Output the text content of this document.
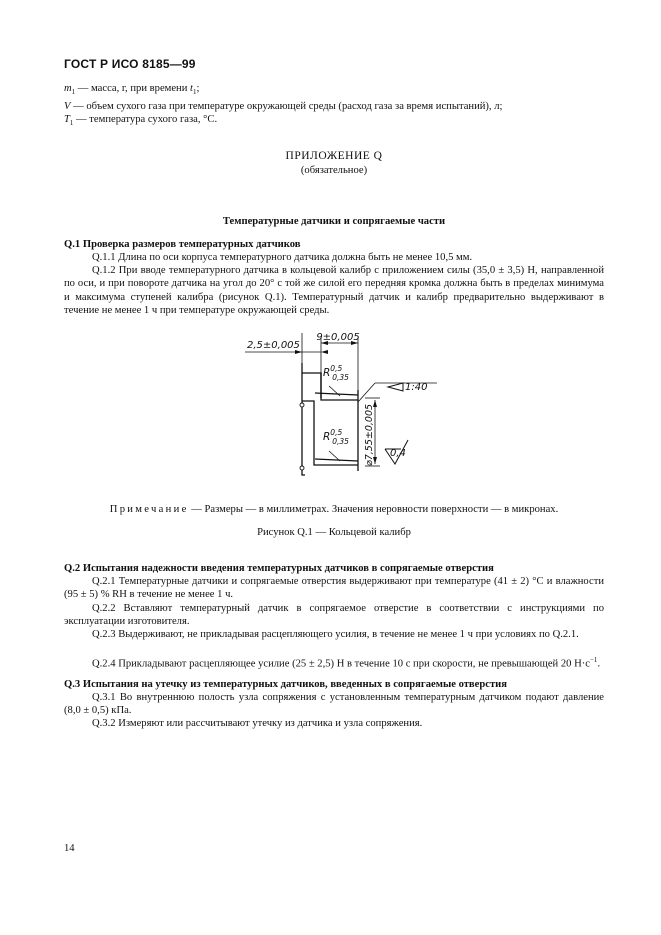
ГОСТ Р ИСО 8185—99
$m_1$ — масса, г, при времени $t_1$;
V — объем сухого газа при температуре окружающей среды (расход газа за время испытаний), л;
$T_1$ — температура сухого газа, °С.
ПРИЛОЖЕНИЕ Q
(обязательное)
Температурные датчики и сопрягаемые части
Q.1 Проверка размеров температурных датчиков
Q.1.1 Длина по оси корпуса температурного датчика должна быть не менее 10,5 мм.
Q.1.2 При вводе температурного датчика в кольцевой калибр с приложением силы (35,0 ± 3,5) Н, направленной по оси, и при повороте датчика на угол до 20° с той же силой его передняя кромка должна быть в пределах минимума и максимума ступеней калибра (рисунок Q.1). Температурный датчик и калибр предварительно выдерживают в течение не менее 1 ч при температуре окружающей среды.
9±0,005
2,5±0,005
R$^{0,5}$ 0,35
R$^{0,5}$ 0,35
1:40
⌀7,55±0,005 0,4
Примечание — Размеры — в миллиметрах. Значения неровности поверхности — в микронах.
Рисунок Q.1 — Кольцевой калибр
Q.2 Испытания надежности введения температурных датчиков в сопрягаемые отверстия
Q.2.1 Температурные датчики и сопрягаемые отверстия выдерживают при температуре (41 ± 2) °С и влажности (95 ± 5) % RH в течение не менее 1 ч.
Q.2.2 Вставляют температурный датчик в сопрягаемое отверстие в соответствии с инструкциями по эксплуатации изготовителя.
Q.2.3 Выдерживают, не прикладывая расцепляющего усилия, в течение не менее 1 ч при условиях по Q.2.1.
Q.2.4 Прикладывают расцепляющее усилие (25 ± 2,5) Н в течение 10 с при скорости, не превышающей 20 $Н\cdot с^{-1}$.
Q.3 Испытания на утечку из температурных датчиков, введенных в сопрягаемые отверстия
Q.3.1 Во внутреннюю полость узла сопряжения с установленным температурным датчиком подают давление (8,0 ± 0,5) кПа.
Q.3.2 Измеряют или рассчитывают утечку из датчика и узла сопряжения.
14
